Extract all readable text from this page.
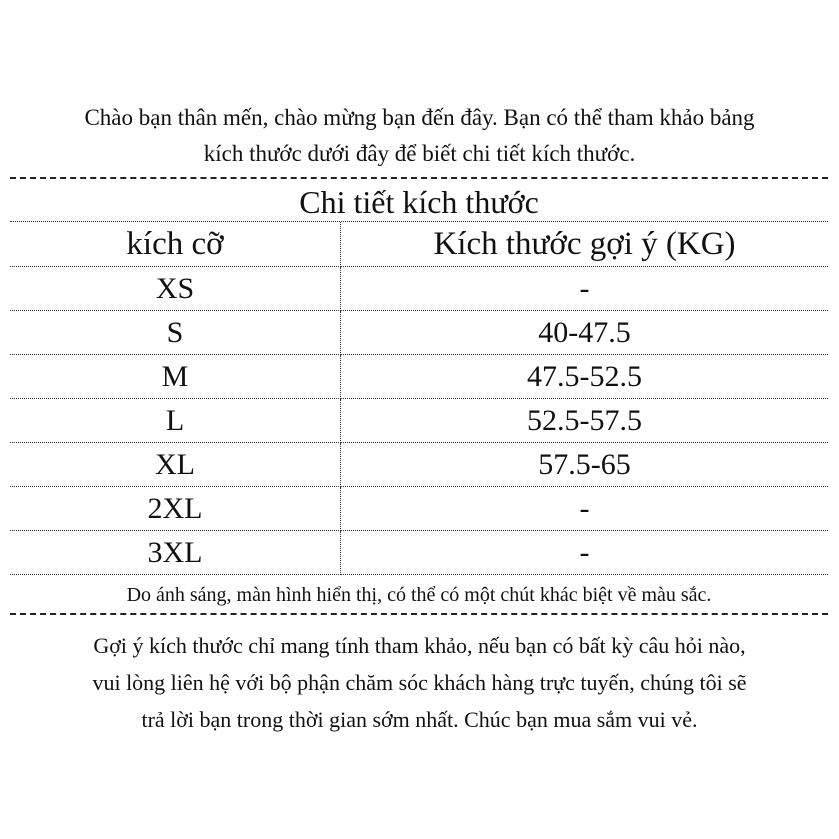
Chào bạn thân mến, chào mừng bạn đến đây. Bạn có thể tham khảo bảng
kích thước dưới đây để biết chi tiết kích thước.
Chi tiết kích thước
kích cỡ	Kích thước gợi ý (KG)
XS	-
S	40-47.5
M	47.5-52.5
L	52.5-57.5
XL	57.5-65
2XL	-
3XL	-
Do ánh sáng, màn hình hiển thị, có thể có một chút khác biệt về màu sắc.
Gợi ý kích thước chỉ mang tính tham khảo, nếu bạn có bất kỳ câu hỏi nào,
vui lòng liên hệ với bộ phận chăm sóc khách hàng trực tuyến, chúng tôi sẽ
trả lời bạn trong thời gian sớm nhất. Chúc bạn mua sắm vui vẻ.
